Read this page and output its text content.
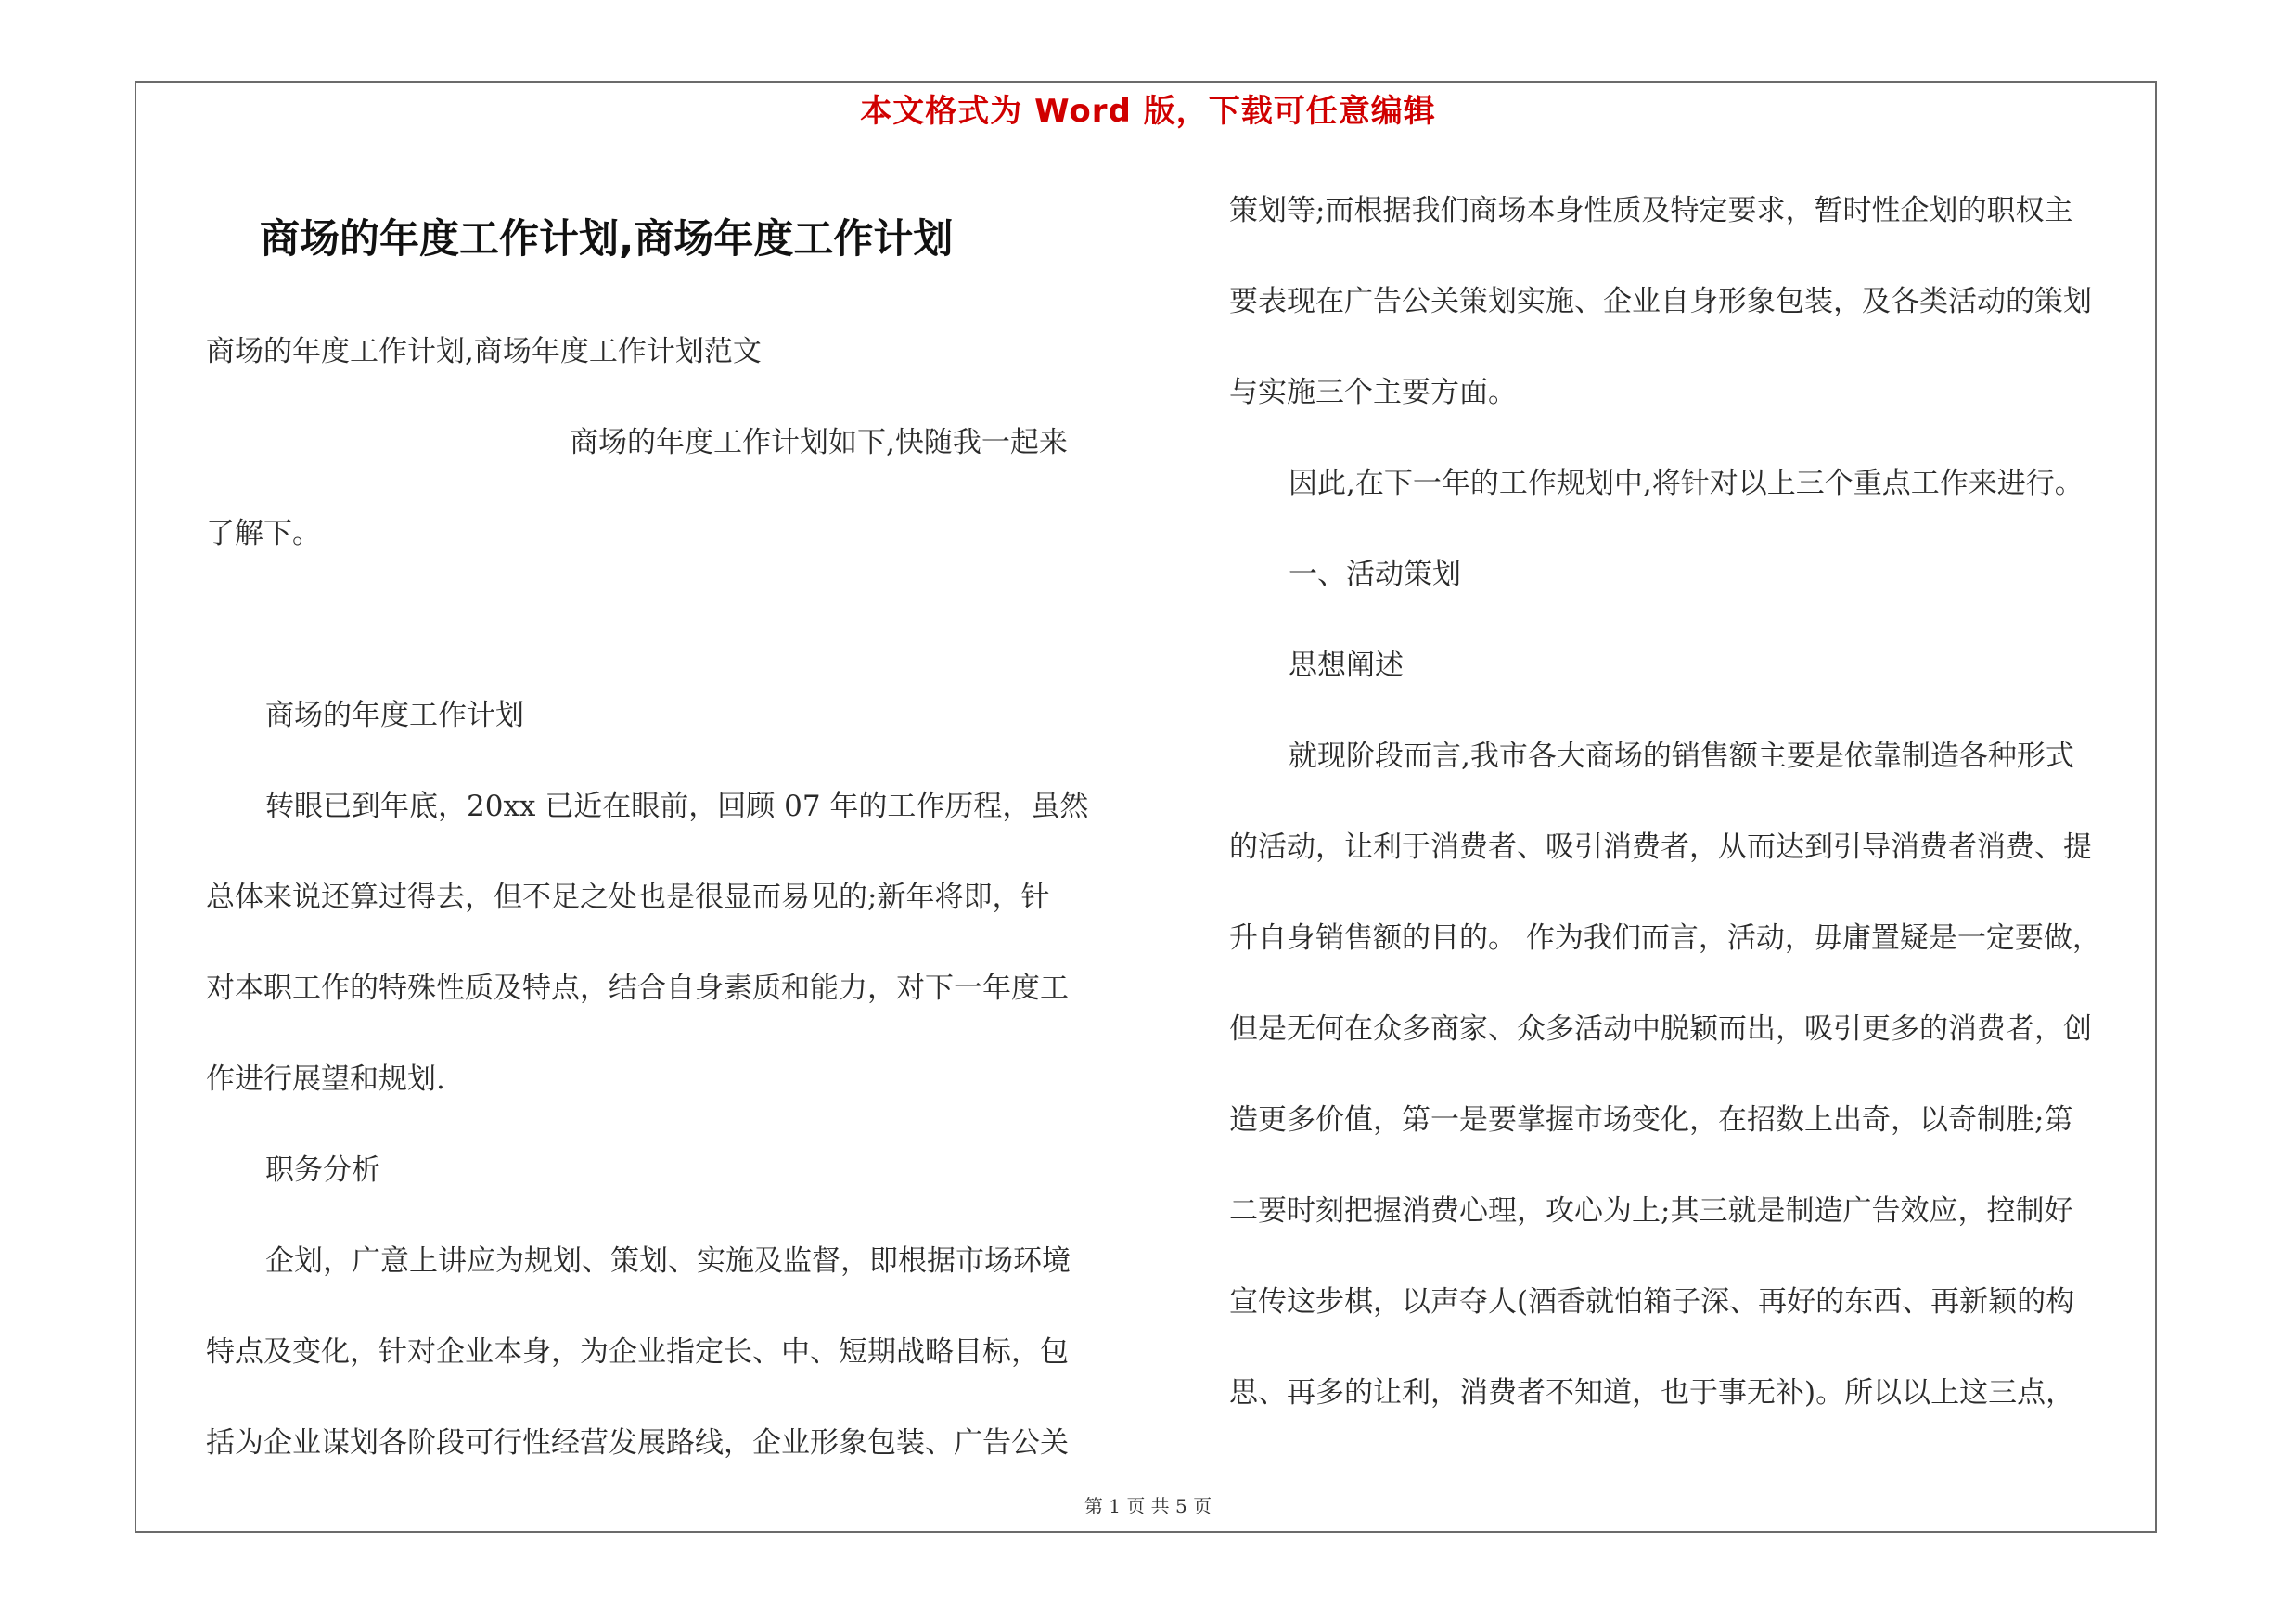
本文格式为 Word 版，下载可任意编辑
商场的年度工作计划,商场年度工作计划

商场的年度工作计划,商场年度工作计划范文

商场的年度工作计划如下,快随我一起来

了解下。

商场的年度工作计划

转眼已到年底，20xx 已近在眼前，回顾 07 年的工作历程，虽然

总体来说还算过得去，但不足之处也是很显而易见的;新年将即，针

对本职工作的特殊性质及特点，结合自身素质和能力，对下一年度工

作进行展望和规划.

职务分析

企划，广意上讲应为规划、策划、实施及监督，即根据市场环境

特点及变化，针对企业本身，为企业指定长、中、短期战略目标，包

括为企业谋划各阶段可行性经营发展路线，企业形象包装、广告公关

策划等;而根据我们商场本身性质及特定要求，暂时性企划的职权主

要表现在广告公关策划实施、企业自身形象包装，及各类活动的策划

与实施三个主要方面。

因此,在下一年的工作规划中,将针对以上三个重点工作来进行。

一、活动策划

思想阐述

就现阶段而言,我市各大商场的销售额主要是依靠制造各种形式

的活动，让利于消费者、吸引消费者，从而达到引导消费者消费、提

升自身销售额的目的。 作为我们而言，活动，毋庸置疑是一定要做，

但是无何在众多商家、众多活动中脱颖而出，吸引更多的消费者，创

造更多价值，第一是要掌握市场变化，在招数上出奇，以奇制胜;第

二要时刻把握消费心理，攻心为上;其三就是制造广告效应，控制好

宣传这步棋，以声夺人(酒香就怕箱子深、再好的东西、再新颖的构

思、再多的让利，消费者不知道，也于事无补)。所以以上这三点，

第 1 页 共 5 页
